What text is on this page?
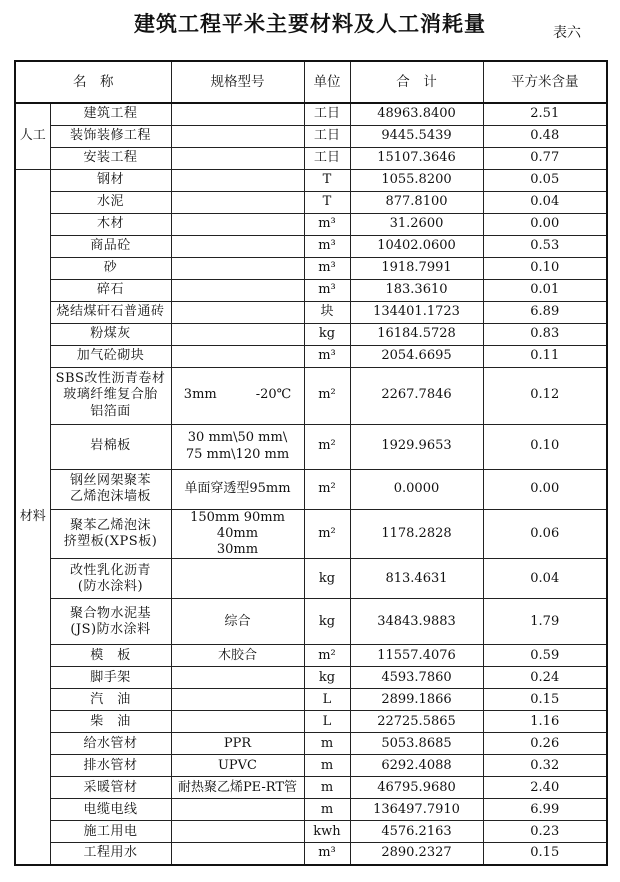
建筑工程平米主要材料及人工消耗量	表六
名　称		规格型号	单位	合　计	平方米含量
人工	建筑工程		工日	48963.8400	2.51
	装饰装修工程		工日	9445.5439	0.48
	安装工程		工日	15107.3646	0.77
材料	钢材		T	1055.8200	0.05
	水泥		T	877.8100	0.04
	木材		m³	31.2600	0.00
	商品砼		m³	10402.0600	0.53
	砂		m³	1918.7991	0.10
	碎石		m³	183.3610	0.01
	烧结煤矸石普通砖		块	134401.1723	6.89
	粉煤灰		kg	16184.5728	0.83
	加气砼砌块		m³	2054.6695	0.11
	SBS改性沥青卷材
玻璃纤维复合胎
铝箔面	3mm　　　-20℃	m²	2267.7846	0.12
	岩棉板	30 mm\50 mm\
75 mm\120 mm	m²	1929.9653	0.10
	钢丝网架聚苯
乙烯泡沫墙板	单面穿透型95mm	m²	0.0000	0.00
	聚苯乙烯泡沫
挤塑板(XPS板)	150mm 90mm 40mm
30mm	m²	1178.2828	0.06
	改性乳化沥青
(防水涂料)		kg	813.4631	0.04
	聚合物水泥基
(JS)防水涂料	综合	kg	34843.9883	1.79
	模　板	木胶合	m²	11557.4076	0.59
	脚手架		kg	4593.7860	0.24
	汽　油		L	2899.1866	0.15
	柴　油		L	22725.5865	1.16
	给水管材	PPR	m	5053.8685	0.26
	排水管材	UPVC	m	6292.4088	0.32
	采暖管材	耐热聚乙烯PE-RT管	m	46795.9680	2.40
	电缆电线		m	136497.7910	6.99
	施工用电		kwh	4576.2163	0.23
	工程用水		m³	2890.2327	0.15
